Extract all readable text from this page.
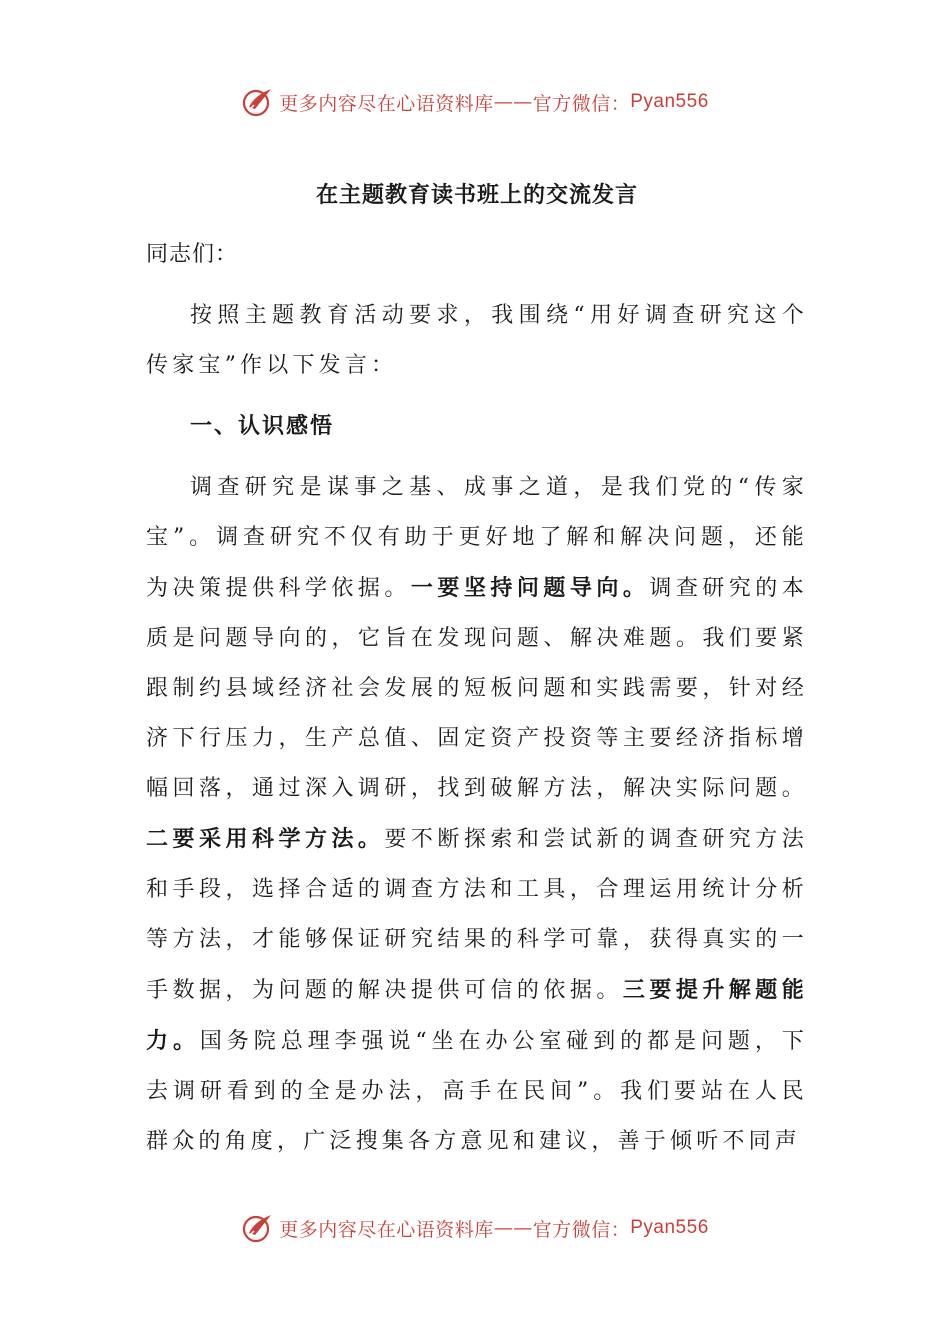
更多内容尽在心语资料库 —— 官方微信： Pyan556
在主题教育读书班上的交流发言

同志们：

按照主题教育活动要求，我围绕“用好调查研究这个传家宝”作以下发言：

一、认识感悟

调查研究是谋事之基、成事之道，是我们党的“传家宝”。调查研究不仅有助于更好地了解和解决问题，还能为决策提供科学依据。一要坚持问题导向。调查研究的本质是问题导向的，它旨在发现问题、解决难题。我们要紧跟制约县域经济社会发展的短板问题和实践需要，针对经济下行压力，生产总值、固定资产投资等主要经济指标增幅回落，通过深入调研，找到破解方法，解决实际问题。二要采用科学方法。要不断探索和尝试新的调查研究方法和手段，选择合适的调查方法和工具，合理运用统计分析等方法，才能够保证研究结果的科学可靠，获得真实的一手数据，为问题的解决提供可信的依据。三要提升解题能力。国务院总理李强说“坐在办公室碰到的都是问题，下去调研看到的全是办法，高手在民间”。我们要站在人民群众的角度，广泛搜集各方意见和建议，善于倾听不同声

更多内容尽在心语资料库 —— 官方微信： Pyan556
